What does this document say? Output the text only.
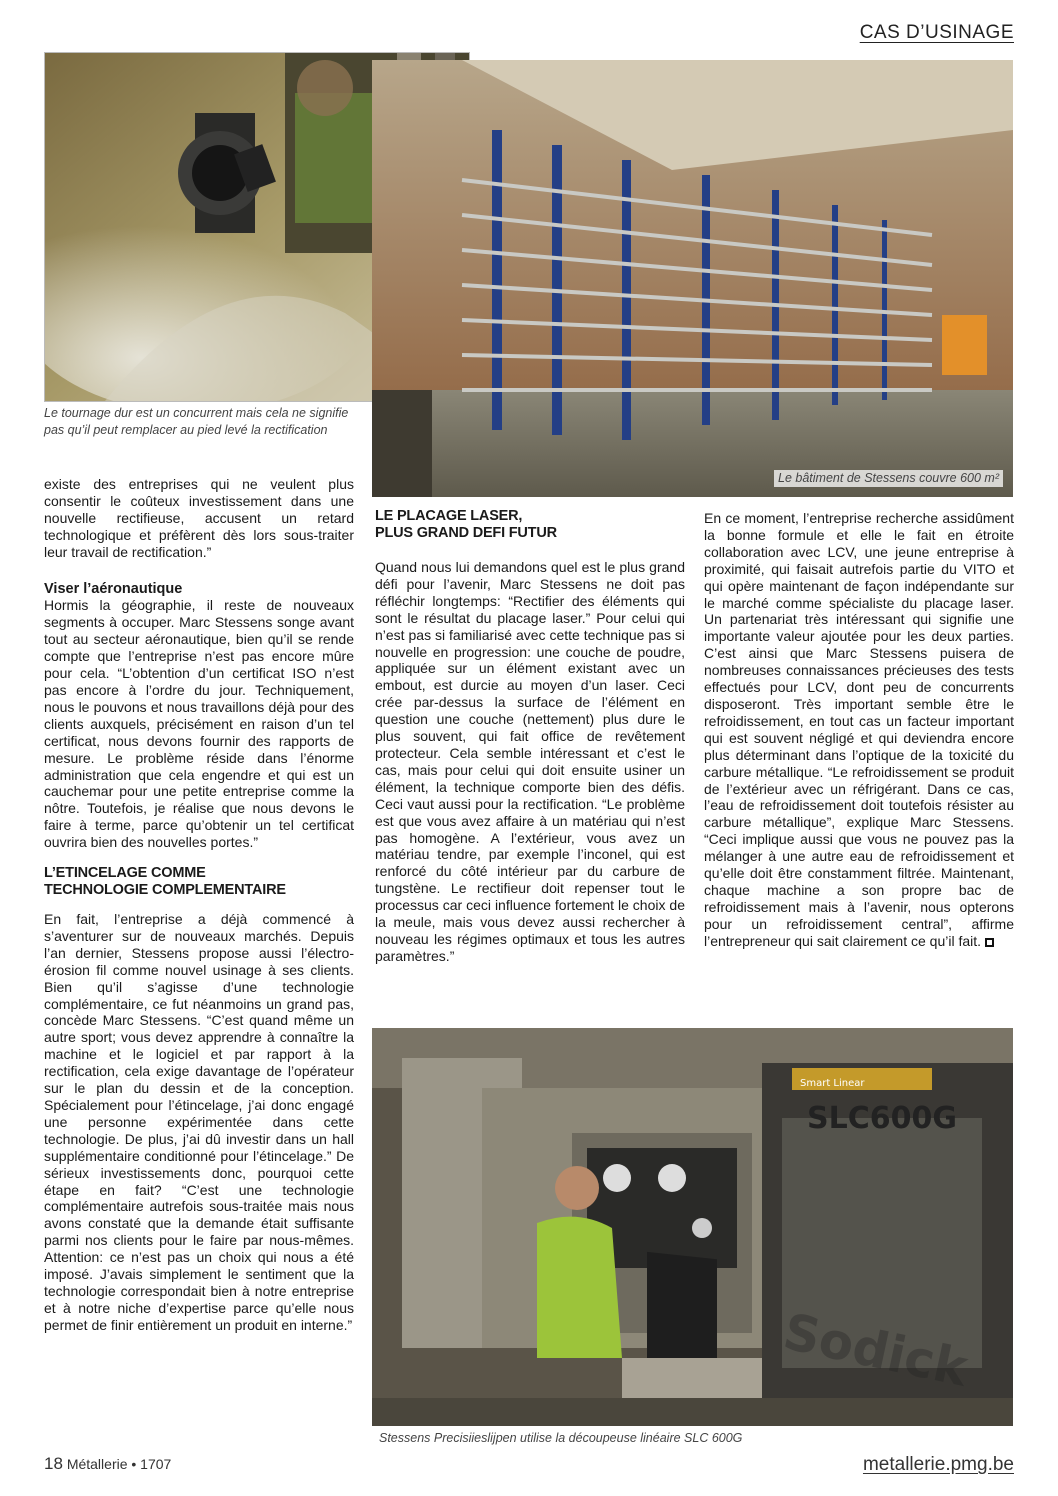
CAS D’USINAGE
Le tournage dur est un concurrent mais cela ne signifie
pas qu’il peut remplacer au pied levé la rectification
Le bâtiment de Stessens couvre 600 m²

existe des entreprises qui ne veulent plus consentir le coûteux investissement dans une nouvelle rectifieuse, accusent un retard technologique et préfèrent dès lors sous-traiter leur travail de rectification.”

Viser l’aéronautique

Hormis la géographie, il reste de nouveaux segments à occuper. Marc Stessens songe avant tout au secteur aéronautique, bien qu’il se rende compte que l’entreprise n’est pas encore mûre pour cela. “L’obtention d’un certificat ISO n’est pas encore à l’ordre du jour. Techniquement, nous le pouvons et nous travaillons déjà pour des clients auxquels, précisément en raison d’un tel certificat, nous devons fournir des rapports de mesure. Le problème réside dans l’énorme administration que cela engendre et qui est un cauchemar pour une petite entreprise comme la nôtre. Toutefois, je réalise que nous devons le faire à terme, parce qu’obtenir un tel certificat ouvrira bien des nouvelles portes.”

L’ETINCELAGE COMME
TECHNOLOGIE COMPLEMENTAIRE

En fait, l’entreprise a déjà commencé à s’aventurer sur de nouveaux marchés. Depuis l’an dernier, Stessens propose aussi l’électro-érosion fil comme nouvel usinage à ses clients. Bien qu’il s’agisse d’une technologie complémentaire, ce fut néanmoins un grand pas, concède Marc Stessens. “C’est quand même un autre sport; vous devez apprendre à connaître la machine et le logiciel et par rapport à la rectification, cela exige davantage de l’opérateur sur le plan du dessin et de la conception. Spécialement pour l’étincelage, j’ai donc engagé une personne expérimentée dans cette technologie. De plus, j’ai dû investir dans un hall supplémentaire conditionné pour l’étincelage.” De sérieux investissements donc, pourquoi cette étape en fait? “C’est une technologie complémentaire autrefois sous-traitée mais nous avons constaté que la demande était suffisante parmi nos clients pour le faire par nous-mêmes. Attention: ce n’est pas un choix qui nous a été imposé. J’avais simplement le sentiment que la technologie correspondait bien à notre entreprise et à notre niche d’expertise parce qu’elle nous permet de finir entièrement un produit en interne.”

LE PLACAGE LASER,
PLUS GRAND DEFI FUTUR

Quand nous lui demandons quel est le plus grand défi pour l’avenir, Marc Stessens ne doit pas réfléchir longtemps: “Rectifier des éléments qui sont le résultat du placage laser.” Pour celui qui n’est pas si familiarisé avec cette technique pas si nouvelle en progression: une couche de poudre, appliquée sur un élément existant avec un embout, est durcie au moyen d’un laser. Ceci crée par-dessus la surface de l’élément en question une couche (nettement) plus dure le plus souvent, qui fait office de revêtement protecteur. Cela semble intéressant et c’est le cas, mais pour celui qui doit ensuite usiner un élément, la technique comporte bien des défis. Ceci vaut aussi pour la rectification. “Le problème est que vous avez affaire à un matériau qui n’est pas homogène. A l’extérieur, vous avez un matériau tendre, par exemple l’inconel, qui est renforcé du côté intérieur par du carbure de tungstène. Le rectifieur doit repenser tout le processus car ceci influence fortement le choix de la meule, mais vous devez aussi rechercher à nouveau les régimes optimaux et tous les autres paramètres.”

En ce moment, l’entreprise recherche assidûment la bonne formule et elle le fait en étroite collaboration avec LCV, une jeune entreprise à proximité, qui faisait autrefois partie du VITO et qui opère maintenant de façon indépendante sur le marché comme spécialiste du placage laser. Un partenariat très intéressant qui signifie une importante valeur ajoutée pour les deux parties. C’est ainsi que Marc Stessens puisera de nombreuses connaissances précieuses des tests effectués pour LCV, dont peu de concurrents disposeront. Très important semble être le refroidissement, en tout cas un facteur important qui est souvent négligé et qui deviendra encore plus déterminant dans l’optique de la toxicité du carbure métallique. “Le refroidissement se produit de l’extérieur avec un réfrigérant. Dans ce cas, l’eau de refroidissement doit toutefois résister au carbure métallique”, explique Marc Stessens. “Ceci implique aussi que vous ne pouvez pas la mélanger à une autre eau de refroidissement et qu’elle doit être constamment filtrée. Maintenant, chaque machine a son propre bac de refroidissement mais à l’avenir, nous opterons pour un refroidissement central”, affirme l’entrepreneur qui sait clairement ce qu’il fait.

Smart Linear
SLC600G
Sodick
Stessens Precisiieslijpen utilise la découpeuse linéaire SLC 600G
18 Métallerie • 1707	metallerie.pmg.be
